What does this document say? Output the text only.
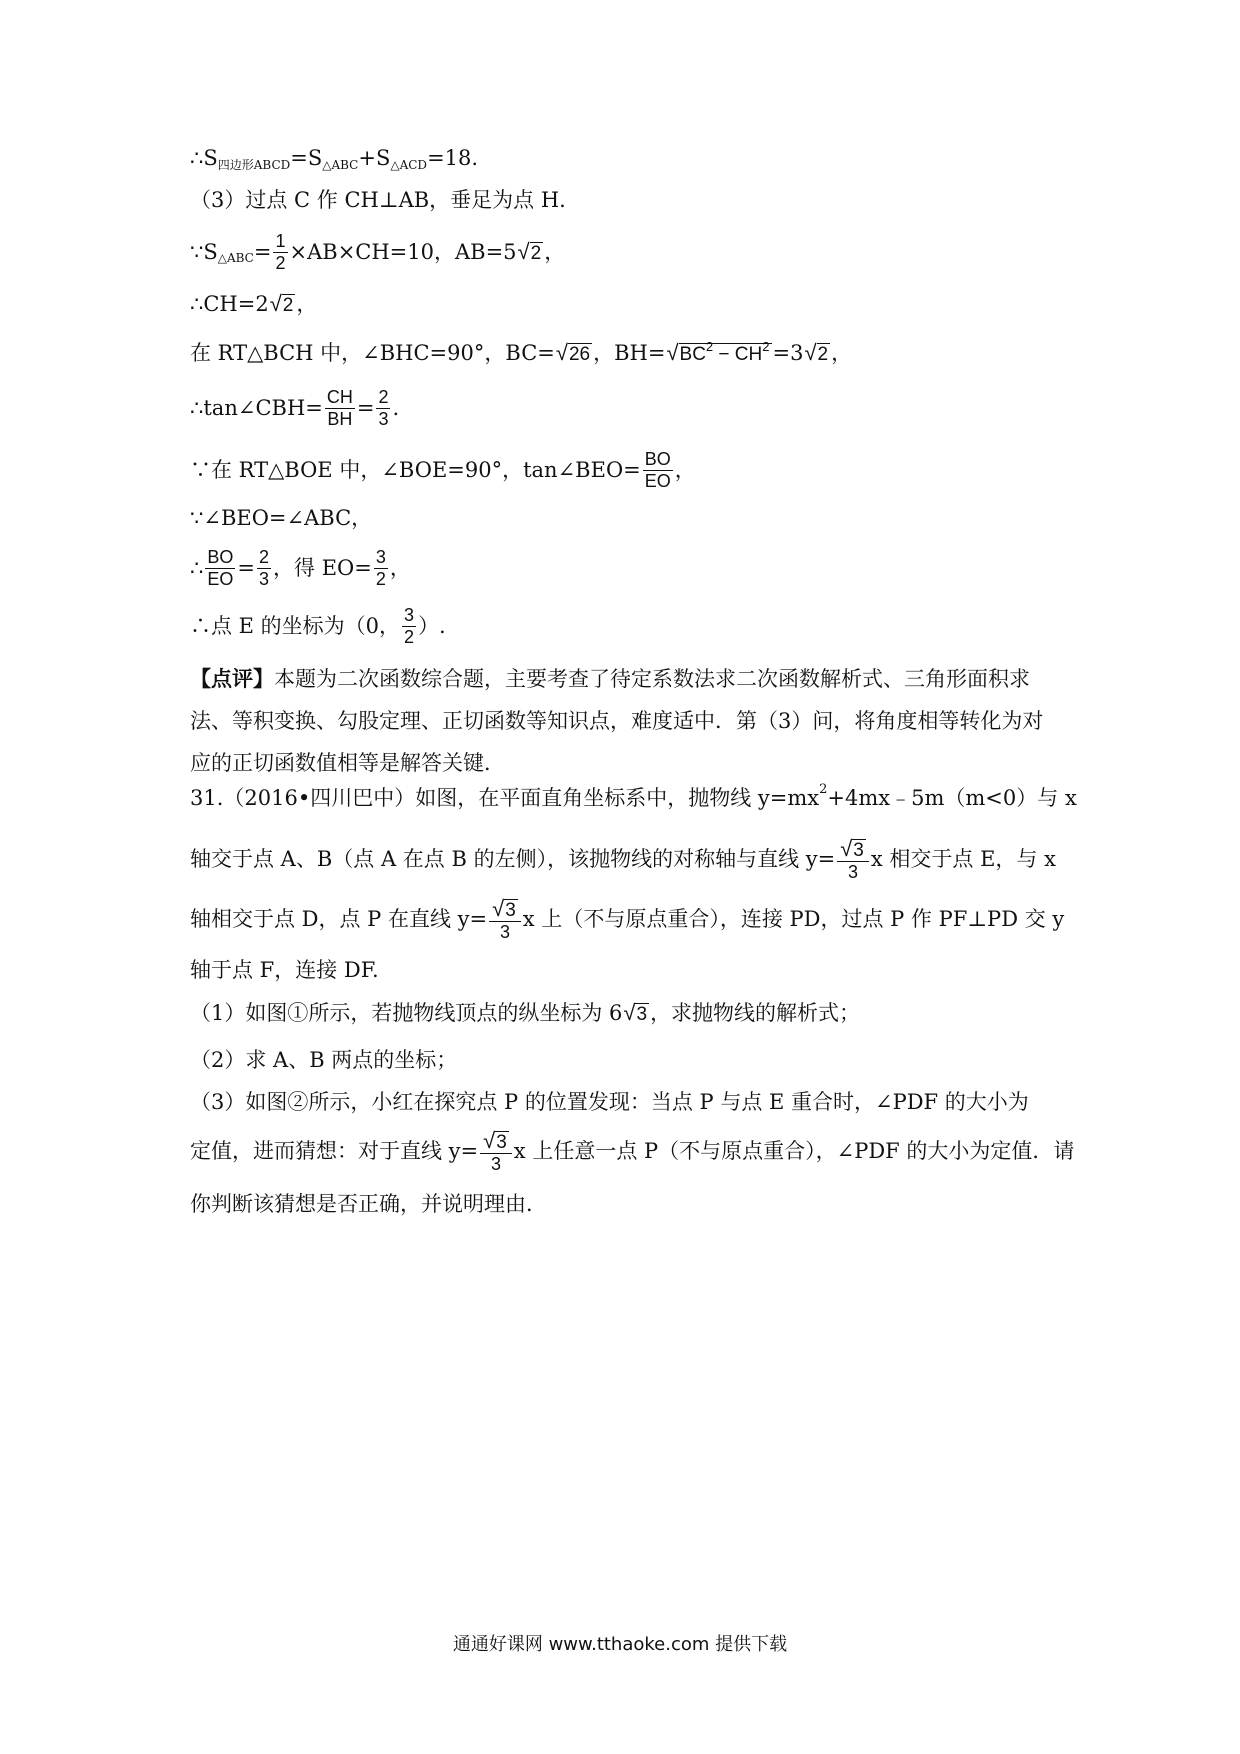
∴S 四边形ABCD =S △ABC +S △ACD =18.
（3）过点 C 作 CH⊥AB，垂足为点 H.
∵S △ABC = $\frac{1}{2} \times AB\times CH=10$，AB=5 √ 2 ，
∴CH=2 √ 2 ，
在 RT△BCH 中，∠BHC=90°，BC= √ 26 ，BH= √ $BC^2 - CH^2 =3$ √ 2 ，
∴tan∠CBH= $\frac{CH}{BH} = \frac{2}{3}$ .
∵在 RT△BOE 中，∠BOE=90°，tan∠BEO= $\frac{BO}{EO}$ ，
∵∠BEO=∠ABC，
∴ $\frac{BO}{EO} = \frac{2}{3}$ ，得 $EO= \frac{3}{2}$ ，
∴点 E 的坐标为（0， $\frac{3}{2}$ ）.
【点评】本题为二次函数综合题，主要考查了待定系数法求二次函数解析式、三角形面积求法、等积变换、勾股定理、正切函数等知识点，难度适中．第（3）问，将角度相等转化为对应的正切函数值相等是解答关键．
31.（2016•四川巴中）如图，在平面直角坐标系中，抛物线 y=mx 2 +4mx﹣5m（m<0）与 x
轴交于点 A、B（点 A 在点 B 的左侧），该抛物线的对称轴与直线 $y= \frac{√ 3}{3}$ x 相交于点 E，与 x
轴相交于点 D，点 P 在直线 $y= \frac{√ 3}{3}$ x 上（不与原点重合），连接 PD，过点 P 作 PF⊥PD 交 y
轴于点 F，连接 DF.
（1）如图①所示，若抛物线顶点的纵坐标为 6 √ 3 ，求抛物线的解析式；
（2）求 A、B 两点的坐标；
（3）如图②所示，小红在探究点 P 的位置发现：当点 P 与点 E 重合时，∠PDF 的大小为
定值，进而猜想：对于直线 $y= \frac{√ 3}{3}$ x 上任意一点 P（不与原点重合），∠PDF 的大小为定值．请
你判断该猜想是否正确，并说明理由．
通通好课网 www.tthaoke.com 提供下载
